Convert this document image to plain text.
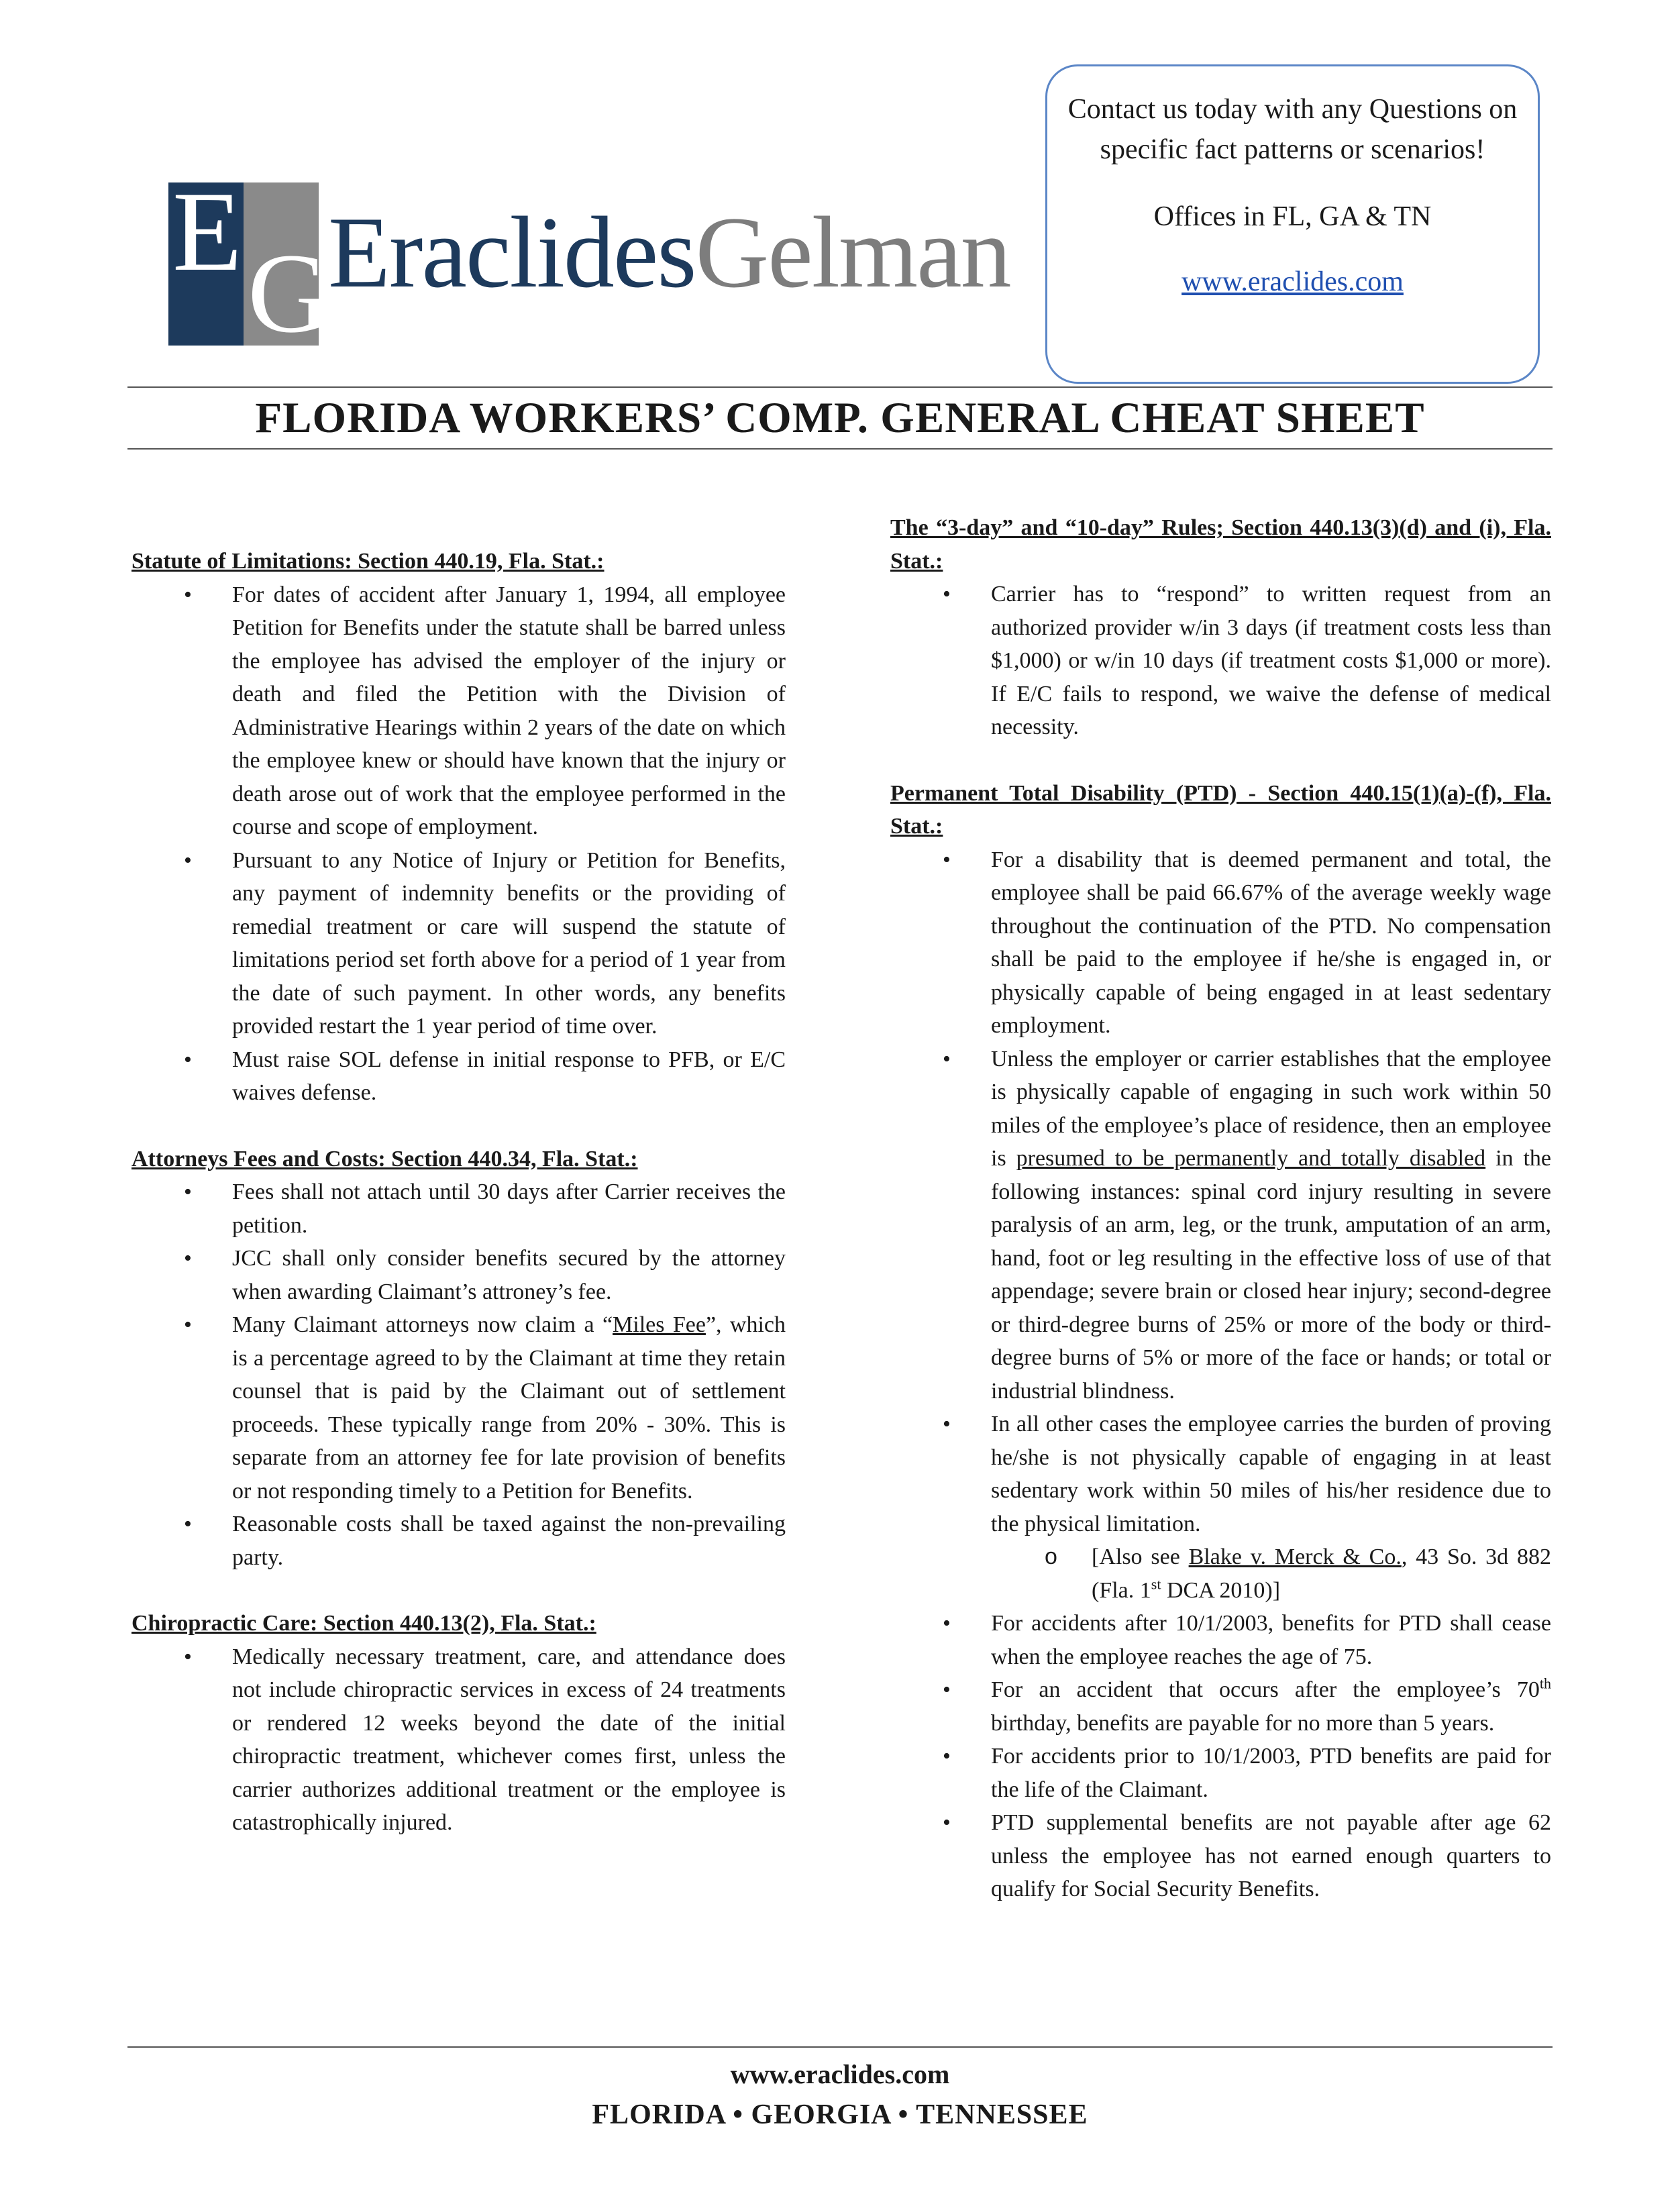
E G
EraclidesGelman
Contact us today with any Questions on specific fact patterns or scenarios!
Offices in FL, GA & TN
www.eraclides.com
FLORIDA WORKERS’ COMP. GENERAL CHEAT SHEET
Statute of Limitations: Section 440.19, Fla. Stat.:
• For dates of accident after January 1, 1994, all employee Petition for Benefits under the statute shall be barred unless the employee has advised the employer of the injury or death and filed the Petition with the Division of Administrative Hearings within 2 years of the date on which the employee knew or should have known that the injury or death arose out of work that the employee performed in the course and scope of employment.
• Pursuant to any Notice of Injury or Petition for Benefits, any payment of indemnity benefits or the providing of remedial treatment or care will suspend the statute of limitations period set forth above for a period of 1 year from the date of such payment. In other words, any benefits provided restart the 1 year period of time over.
• Must raise SOL defense in initial response to PFB, or E/C waives defense.
Attorneys Fees and Costs: Section 440.34, Fla. Stat.:
• Fees shall not attach until 30 days after Carrier receives the petition.
• JCC shall only consider benefits secured by the attorney when awarding Claimant’s attroney’s fee.
• Many Claimant attorneys now claim a “Miles Fee”, which is a percentage agreed to by the Claimant at time they retain counsel that is paid by the Claimant out of settlement proceeds. These typically range from 20% - 30%. This is separate from an attorney fee for late provision of benefits or not responding timely to a Petition for Benefits.
• Reasonable costs shall be taxed against the non-prevailing party.
Chiropractic Care: Section 440.13(2), Fla. Stat.:
• Medically necessary treatment, care, and attendance does not include chiropractic services in excess of 24 treatments or rendered 12 weeks beyond the date of the initial chiropractic treatment, whichever comes first, unless the carrier authorizes additional treatment or the employee is catastrophically injured.
The “3-day” and “10-day” Rules; Section 440.13(3)(d) and (i), Fla. Stat.:
• Carrier has to “respond” to written request from an authorized provider w/in 3 days (if treatment costs less than $1,000) or w/in 10 days (if treatment costs $1,000 or more). If E/C fails to respond, we waive the defense of medical necessity.
Permanent Total Disability (PTD) - Section 440.15(1)(a)-(f), Fla. Stat.:
• For a disability that is deemed permanent and total, the employee shall be paid 66.67% of the average weekly wage throughout the continuation of the PTD. No compensation shall be paid to the employee if he/she is engaged in, or physically capable of being engaged in at least sedentary employment.
• Unless the employer or carrier establishes that the employee is physically capable of engaging in such work within 50 miles of the employee’s place of residence, then an employee is presumed to be permanently and totally disabled in the following instances: spinal cord injury resulting in severe paralysis of an arm, leg, or the trunk, amputation of an arm, hand, foot or leg resulting in the effective loss of use of that appendage; severe brain or closed hear injury; second-degree or third-degree burns of 25% or more of the body or third-degree burns of 5% or more of the face or hands; or total or industrial blindness.
• In all other cases the employee carries the burden of proving he/she is not physically capable of engaging in at least sedentary work within 50 miles of his/her residence due to the physical limitation.
o [Also see Blake v. Merck & Co., 43 So. 3d 882 (Fla. 1st DCA 2010)]
• For accidents after 10/1/2003, benefits for PTD shall cease when the employee reaches the age of 75.
• For an accident that occurs after the employee’s 70th birthday, benefits are payable for no more than 5 years.
• For accidents prior to 10/1/2003, PTD benefits are paid for the life of the Claimant.
• PTD supplemental benefits are not payable after age 62 unless the employee has not earned enough quarters to qualify for Social Security Benefits.
www.eraclides.com
FLORIDA • GEORGIA • TENNESSEE
